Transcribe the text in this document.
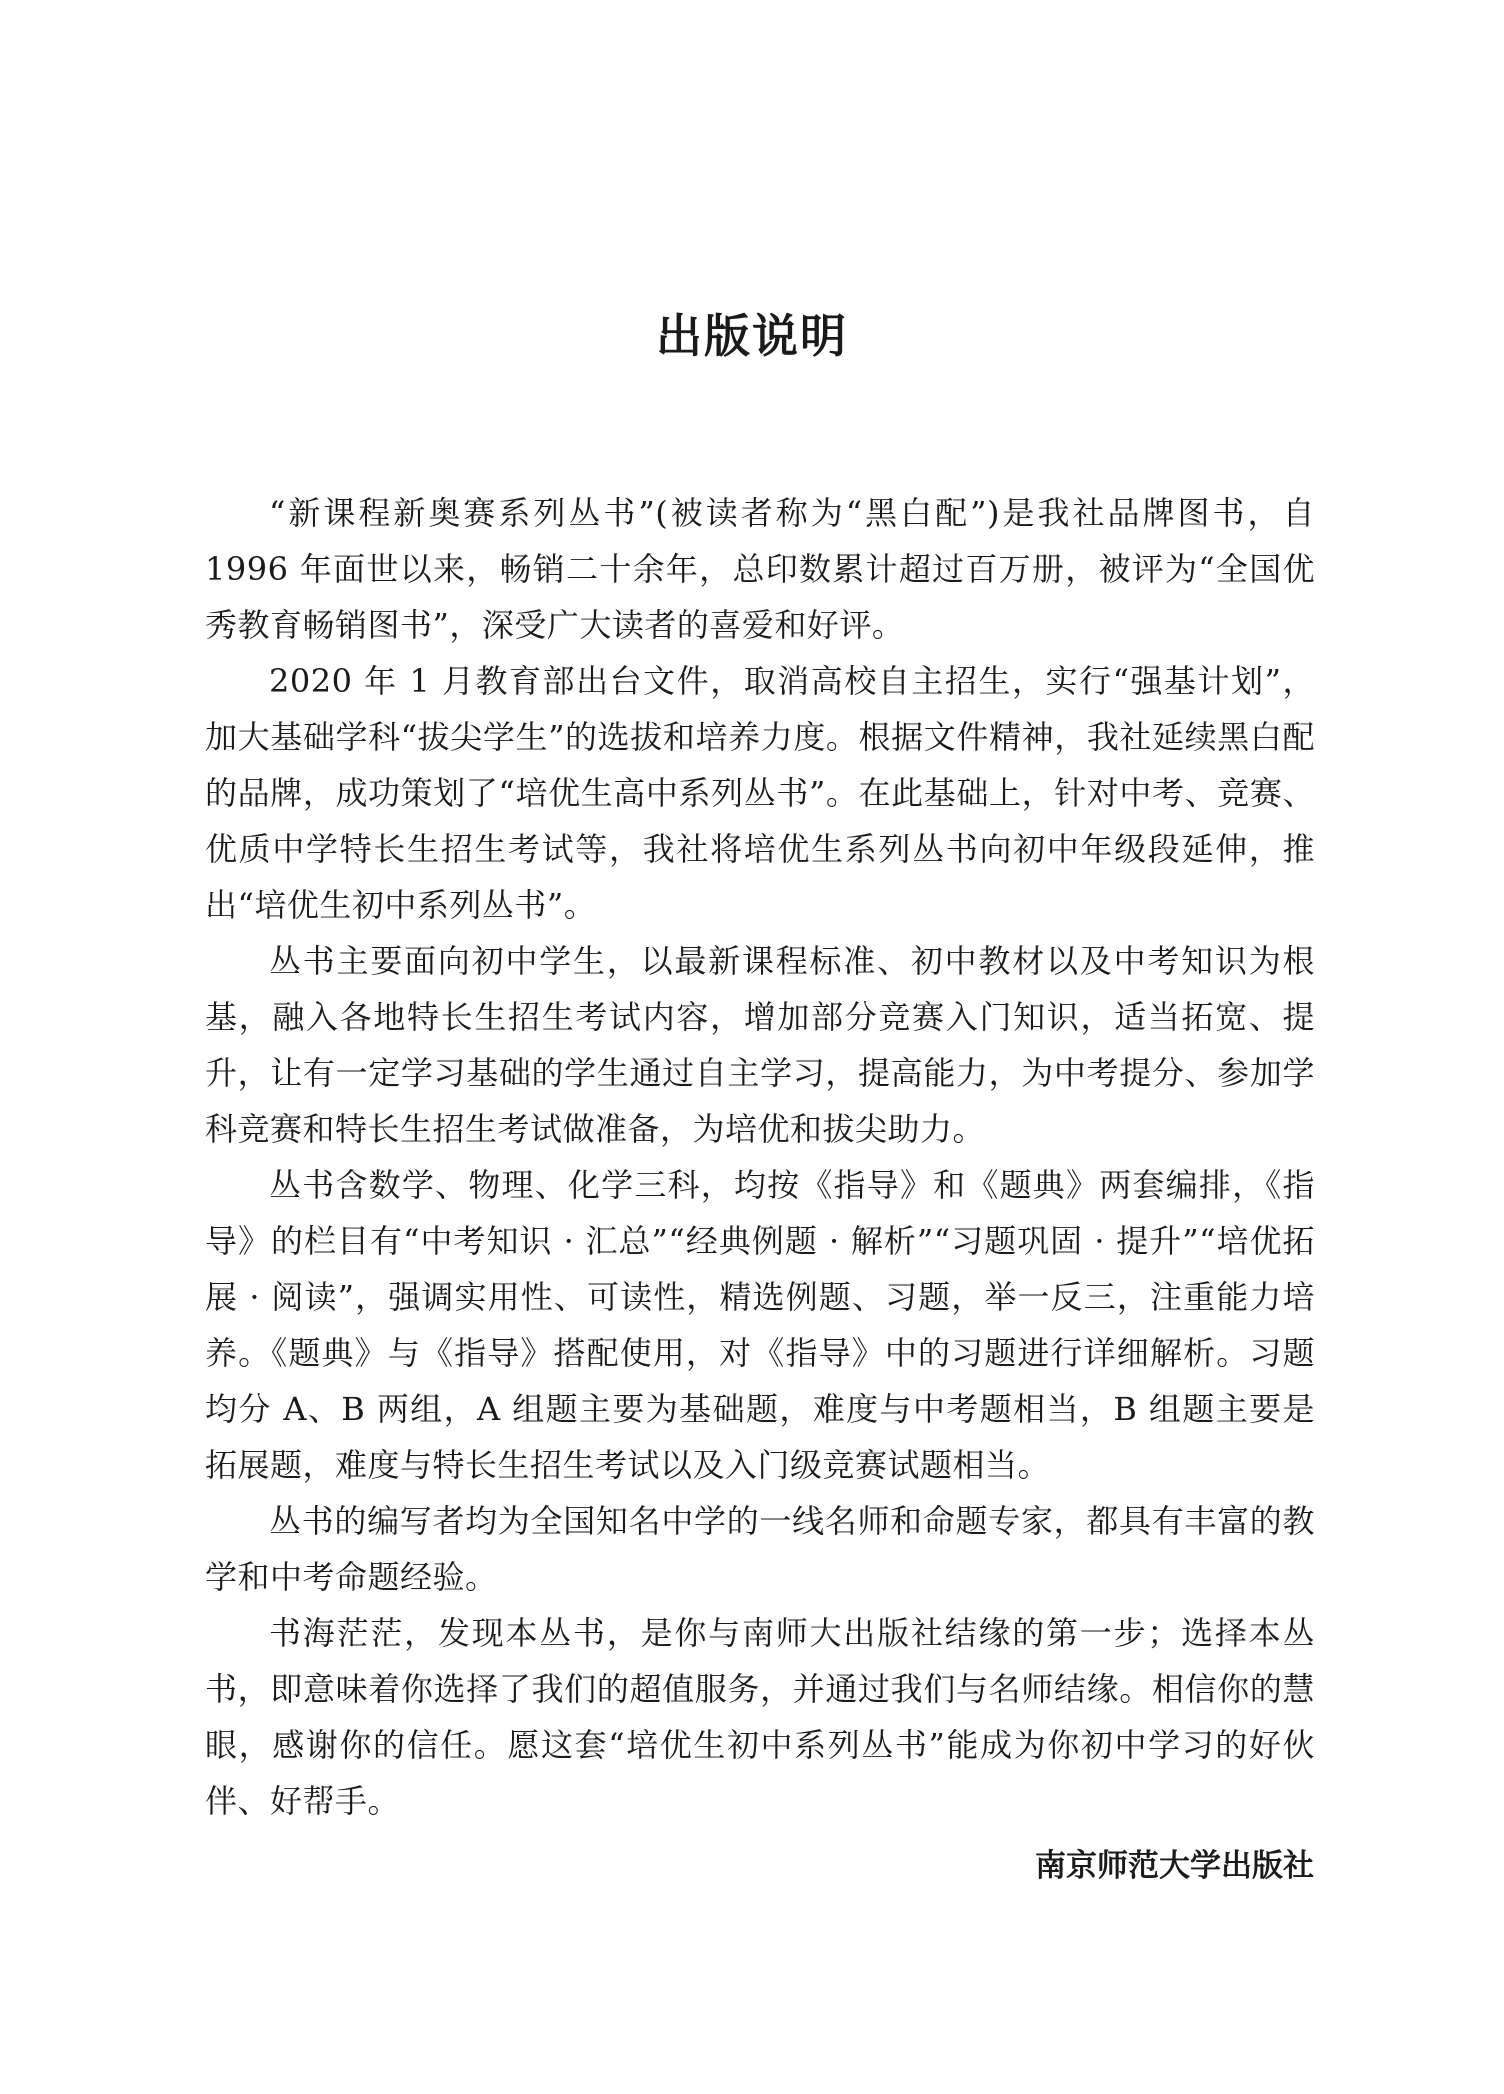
出版说明

“新课程新奥赛系列丛书”(被读者称为“黑白配”)是我社品牌图书，自 1996 年面世以来，畅销二十余年，总印数累计超过百万册，被评为“全国优秀教育畅销图书”，深受广大读者的喜爱和好评。

2020 年 1 月教育部出台文件，取消高校自主招生，实行“强基计划”，加大基础学科“拔尖学生”的选拔和培养力度。根据文件精神，我社延续黑白配的品牌，成功策划了“培优生高中系列丛书”。在此基础上，针对中考、竞赛、优质中学特长生招生考试等，我社将培优生系列丛书向初中年级段延伸，推出“培优生初中系列丛书”。

丛书主要面向初中学生，以最新课程标准、初中教材以及中考知识为根基，融入各地特长生招生考试内容，增加部分竞赛入门知识，适当拓宽、提升，让有一定学习基础的学生通过自主学习，提高能力，为中考提分、参加学科竞赛和特长生招生考试做准备，为培优和拔尖助力。

丛书含数学、物理、化学三科，均按《指导》和《题典》两套编排，《指导》的栏目有“中考知识 · 汇总”“经典例题 · 解析”“习题巩固 · 提升”“培优拓展 · 阅读”，强调实用性、可读性，精选例题、习题，举一反三，注重能力培养。《题典》与《指导》搭配使用，对《指导》中的习题进行详细解析。习题均分 A、B 两组，A 组题主要为基础题，难度与中考题相当，B 组题主要是拓展题，难度与特长生招生考试以及入门级竞赛试题相当。

丛书的编写者均为全国知名中学的一线名师和命题专家，都具有丰富的教学和中考命题经验。

书海茫茫，发现本丛书，是你与南师大出版社结缘的第一步；选择本丛书，即意味着你选择了我们的超值服务，并通过我们与名师结缘。相信你的慧眼，感谢你的信任。愿这套“培优生初中系列丛书”能成为你初中学习的好伙伴、好帮手。

南京师范大学出版社
